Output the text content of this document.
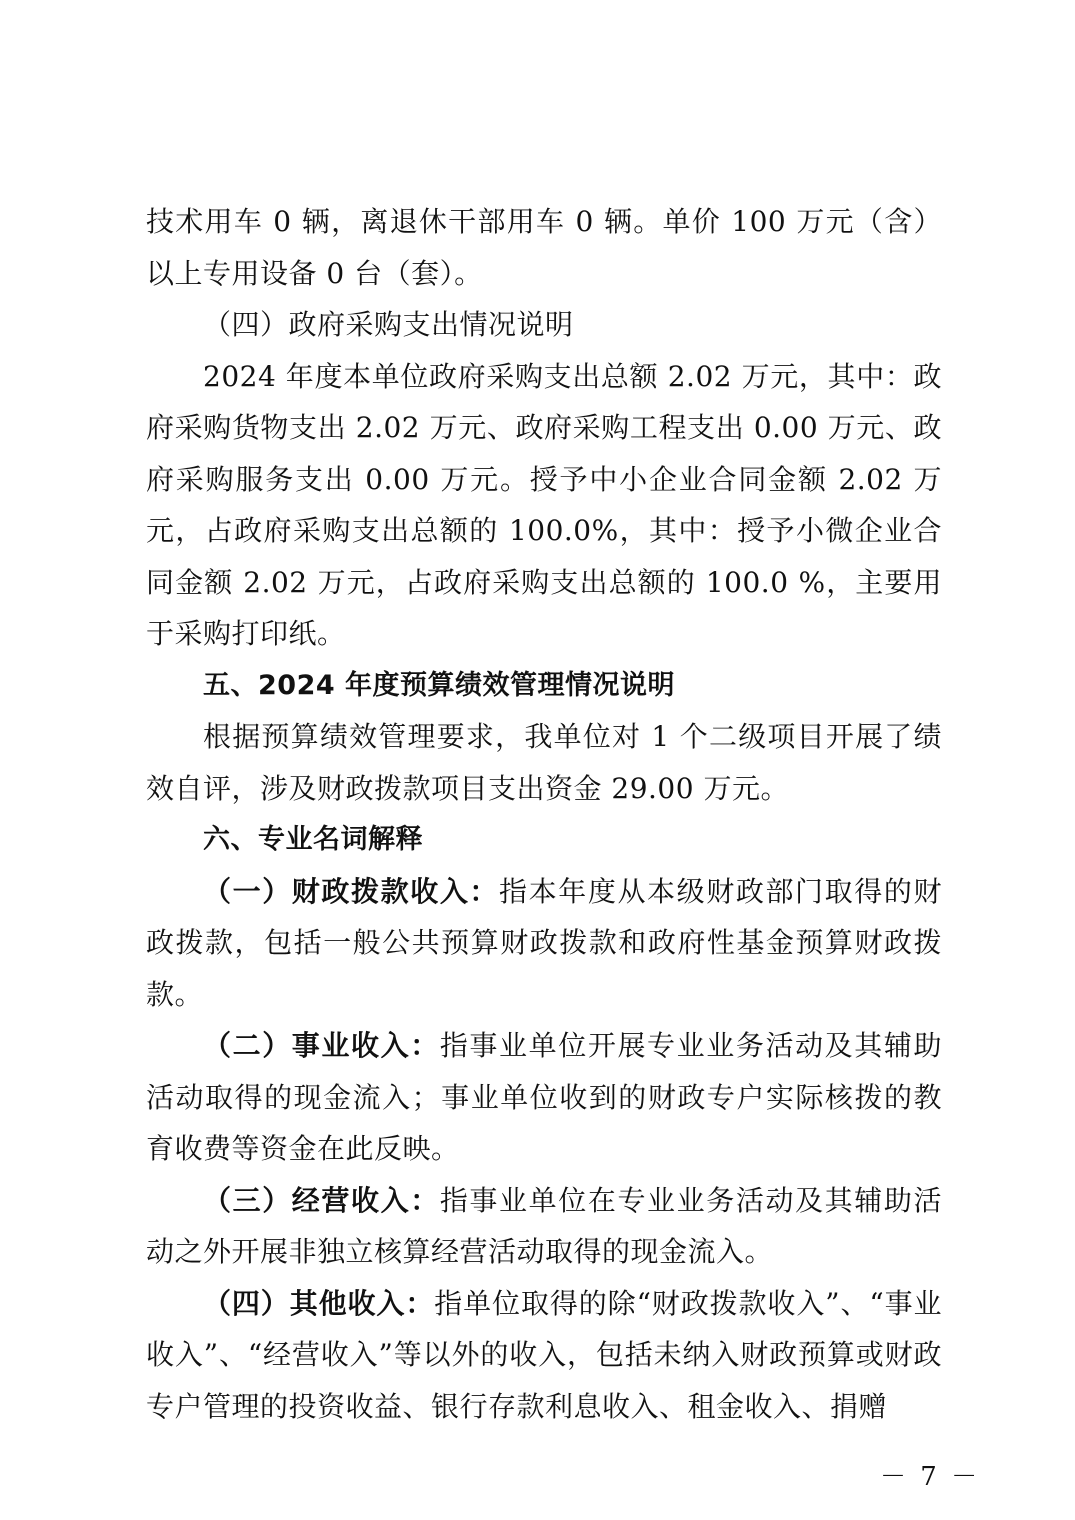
技术用车 0 辆，离退休干部用车 0 辆。单价 100 万元（含）以上专用设备 0 台（套）。

（四）政府采购支出情况说明

2024 年度本单位政府采购支出总额 2.02 万元，其中：政府采购货物支出 2.02 万元、政府采购工程支出 0.00 万元、政府采购服务支出 0.00 万元。授予中小企业合同金额 2.02 万元，占政府采购支出总额的 100.0%，其中：授予小微企业合同金额 2.02 万元，占政府采购支出总额的 100.0 %，主要用于采购打印纸。

五、2024 年度预算绩效管理情况说明

根据预算绩效管理要求，我单位对 1 个二级项目开展了绩效自评，涉及财政拨款项目支出资金 29.00 万元。

六、专业名词解释

（一）财政拨款收入：指本年度从本级财政部门取得的财政拨款，包括一般公共预算财政拨款和政府性基金预算财政拨款。

（二）事业收入：指事业单位开展专业业务活动及其辅助活动取得的现金流入；事业单位收到的财政专户实际核拨的教育收费等资金在此反映。

（三）经营收入：指事业单位在专业业务活动及其辅助活动之外开展非独立核算经营活动取得的现金流入。

（四）其他收入：指单位取得的除“财政拨款收入”、“事业收入”、“经营收入”等以外的收入，包括未纳入财政预算或财政专户管理的投资收益、银行存款利息收入、租金收入、捐赠

－ 7 －
